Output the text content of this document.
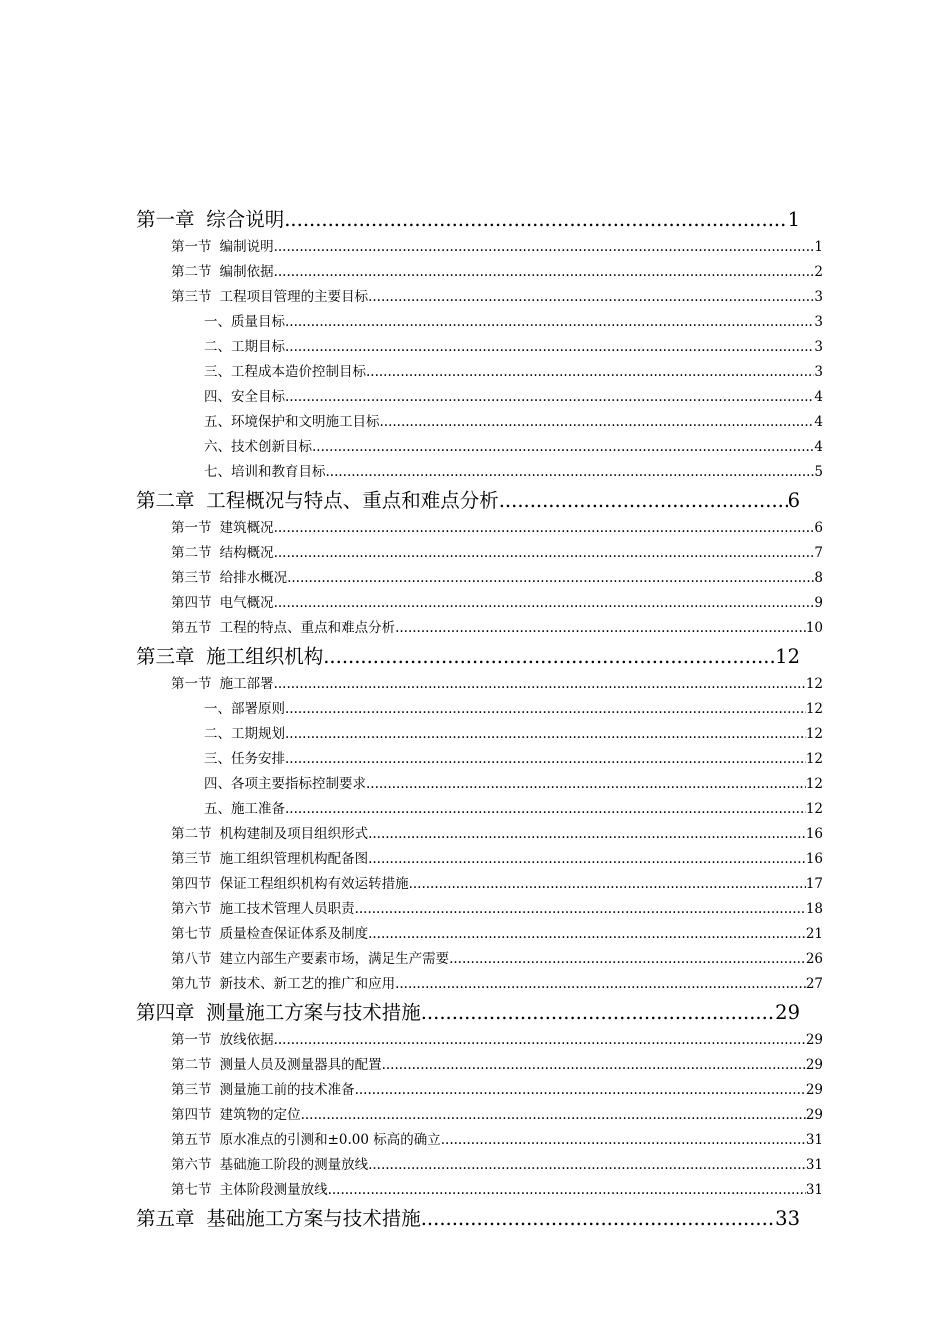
第一章 综合说明 .....	1
第一节 编制说明 .....	1
第二节 编制依据 .....	2
第三节 工程项目管理的主要目标 .....	3
一、质量目标 .....	3
二、工期目标 .....	3
三、工程成本造价控制目标 .....	3
四、安全目标 .....	4
五、环境保护和文明施工目标 .....	4
六、技术创新目标 .....	4
七、培训和教育目标 .....	5
第二章 工程概况与特点、重点和难点分析 .....	6
第一节 建筑概况 .....	6
第二节 结构概况 .....	7
第三节 给排水概况 .....	8
第四节 电气概况 .....	9
第五节 工程的特点、重点和难点分析 .....	10
第三章 施工组织机构 .....	12
第一节 施工部署 .....	12
一、部署原则 .....	12
二、工期规划 .....	12
三、任务安排 .....	12
四、各项主要指标控制要求 .....	12
五、施工准备 .....	12
第二节 机构建制及项目组织形式 .....	16
第三节 施工组织管理机构配备图 .....	16
第四节 保证工程组织机构有效运转措施 .....	17
第六节 施工技术管理人员职责 .....	18
第七节 质量检查保证体系及制度 .....	21
第八节 建立内部生产要素市场，满足生产需要 .....	26
第九节 新技术、新工艺的推广和应用 .....	27
第四章 测量施工方案与技术措施 .....	29
第一节 放线依据 .....	29
第二节 测量人员及测量器具的配置 .....	29
第三节 测量施工前的技术准备 .....	29
第四节 建筑物的定位 .....	29
第五节 原水准点的引测和±0.00 标高的确立 .....	31
第六节 基础施工阶段的测量放线 .....	31
第七节 主体阶段测量放线 .....	31
第五章 基础施工方案与技术措施 .....	33
